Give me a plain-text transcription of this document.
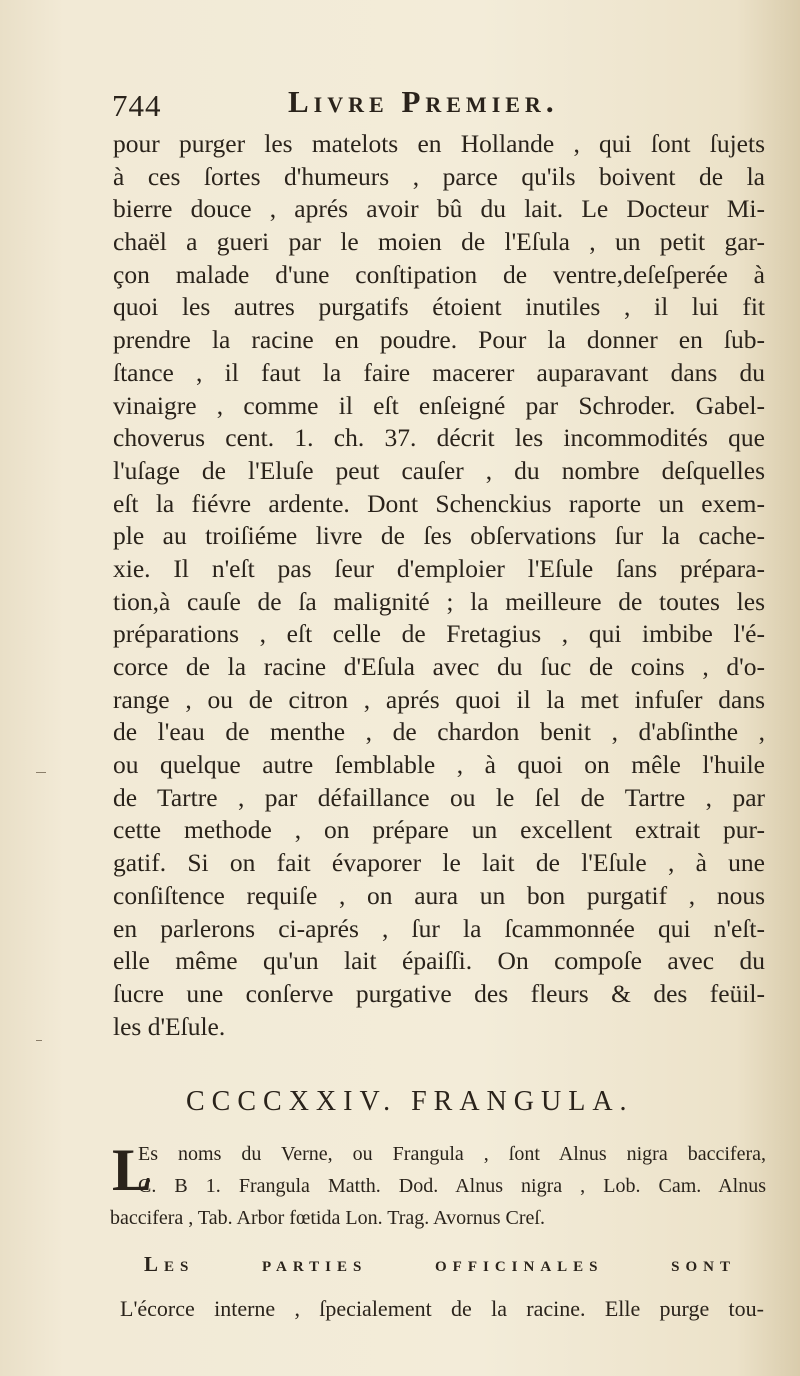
744	Livre Premier.
pour purger les matelots en Hollande , qui ſont ſujets
à ces ſortes d'humeurs , parce qu'ils boivent de la
bierre douce , aprés avoir bû du lait. Le Docteur Mi-
chaël a gueri par le moien de l'Eſula , un petit gar-
çon malade d'une conſtipation de ventre,deſeſperée à
quoi les autres purgatifs étoient inutiles , il lui fit
prendre la racine en poudre. Pour la donner en ſub-
ſtance , il faut la faire macerer auparavant dans du
vinaigre , comme il eſt enſeigné par Schroder. Gabel-
choverus cent. 1. ch. 37. décrit les incommodités que
l'uſage de l'Eluſe peut cauſer , du nombre deſquelles
eſt la fiévre ardente. Dont Schenckius raporte un exem-
ple au troiſiéme livre de ſes obſervations ſur la cache-
xie. Il n'eſt pas ſeur d'emploier l'Eſule ſans prépara-
tion,à cauſe de ſa malignité ; la meilleure de toutes les
préparations , eſt celle de Fretagius , qui imbibe l'é-
corce de la racine d'Eſula avec du ſuc de coins , d'o-
range , ou de citron , aprés quoi il la met infuſer dans
de l'eau de menthe , de chardon benit , d'abſinthe ,
ou quelque autre ſemblable , à quoi on mêle l'huile
de Tartre , par défaillance ou le ſel de Tartre , par
cette methode , on prépare un excellent extrait pur-
gatif. Si on fait évaporer le lait de l'Eſule , à une
conſiſtence requiſe , on aura un bon purgatif , nous
en parlerons ci-aprés , ſur la ſcammonnée qui n'eſt-
elle même qu'un lait épaiſſi. On compoſe avec du
ſucre une conſerve purgative des fleurs & des feüil-
les d'Eſule.
CCCCXXIV. FRANGULA.
L
Es noms du Verne, ou Frangula , ſont Alnus nigra baccifera,
C. B 1. Frangula Matth. Dod. Alnus nigra , Lob. Cam. Alnus
baccifera , Tab. Arbor fœtida Lon. Trag. Avornus Creſ.
Les parties officinales sont
L'écorce interne , ſpecialement de la racine. Elle purge tou-
